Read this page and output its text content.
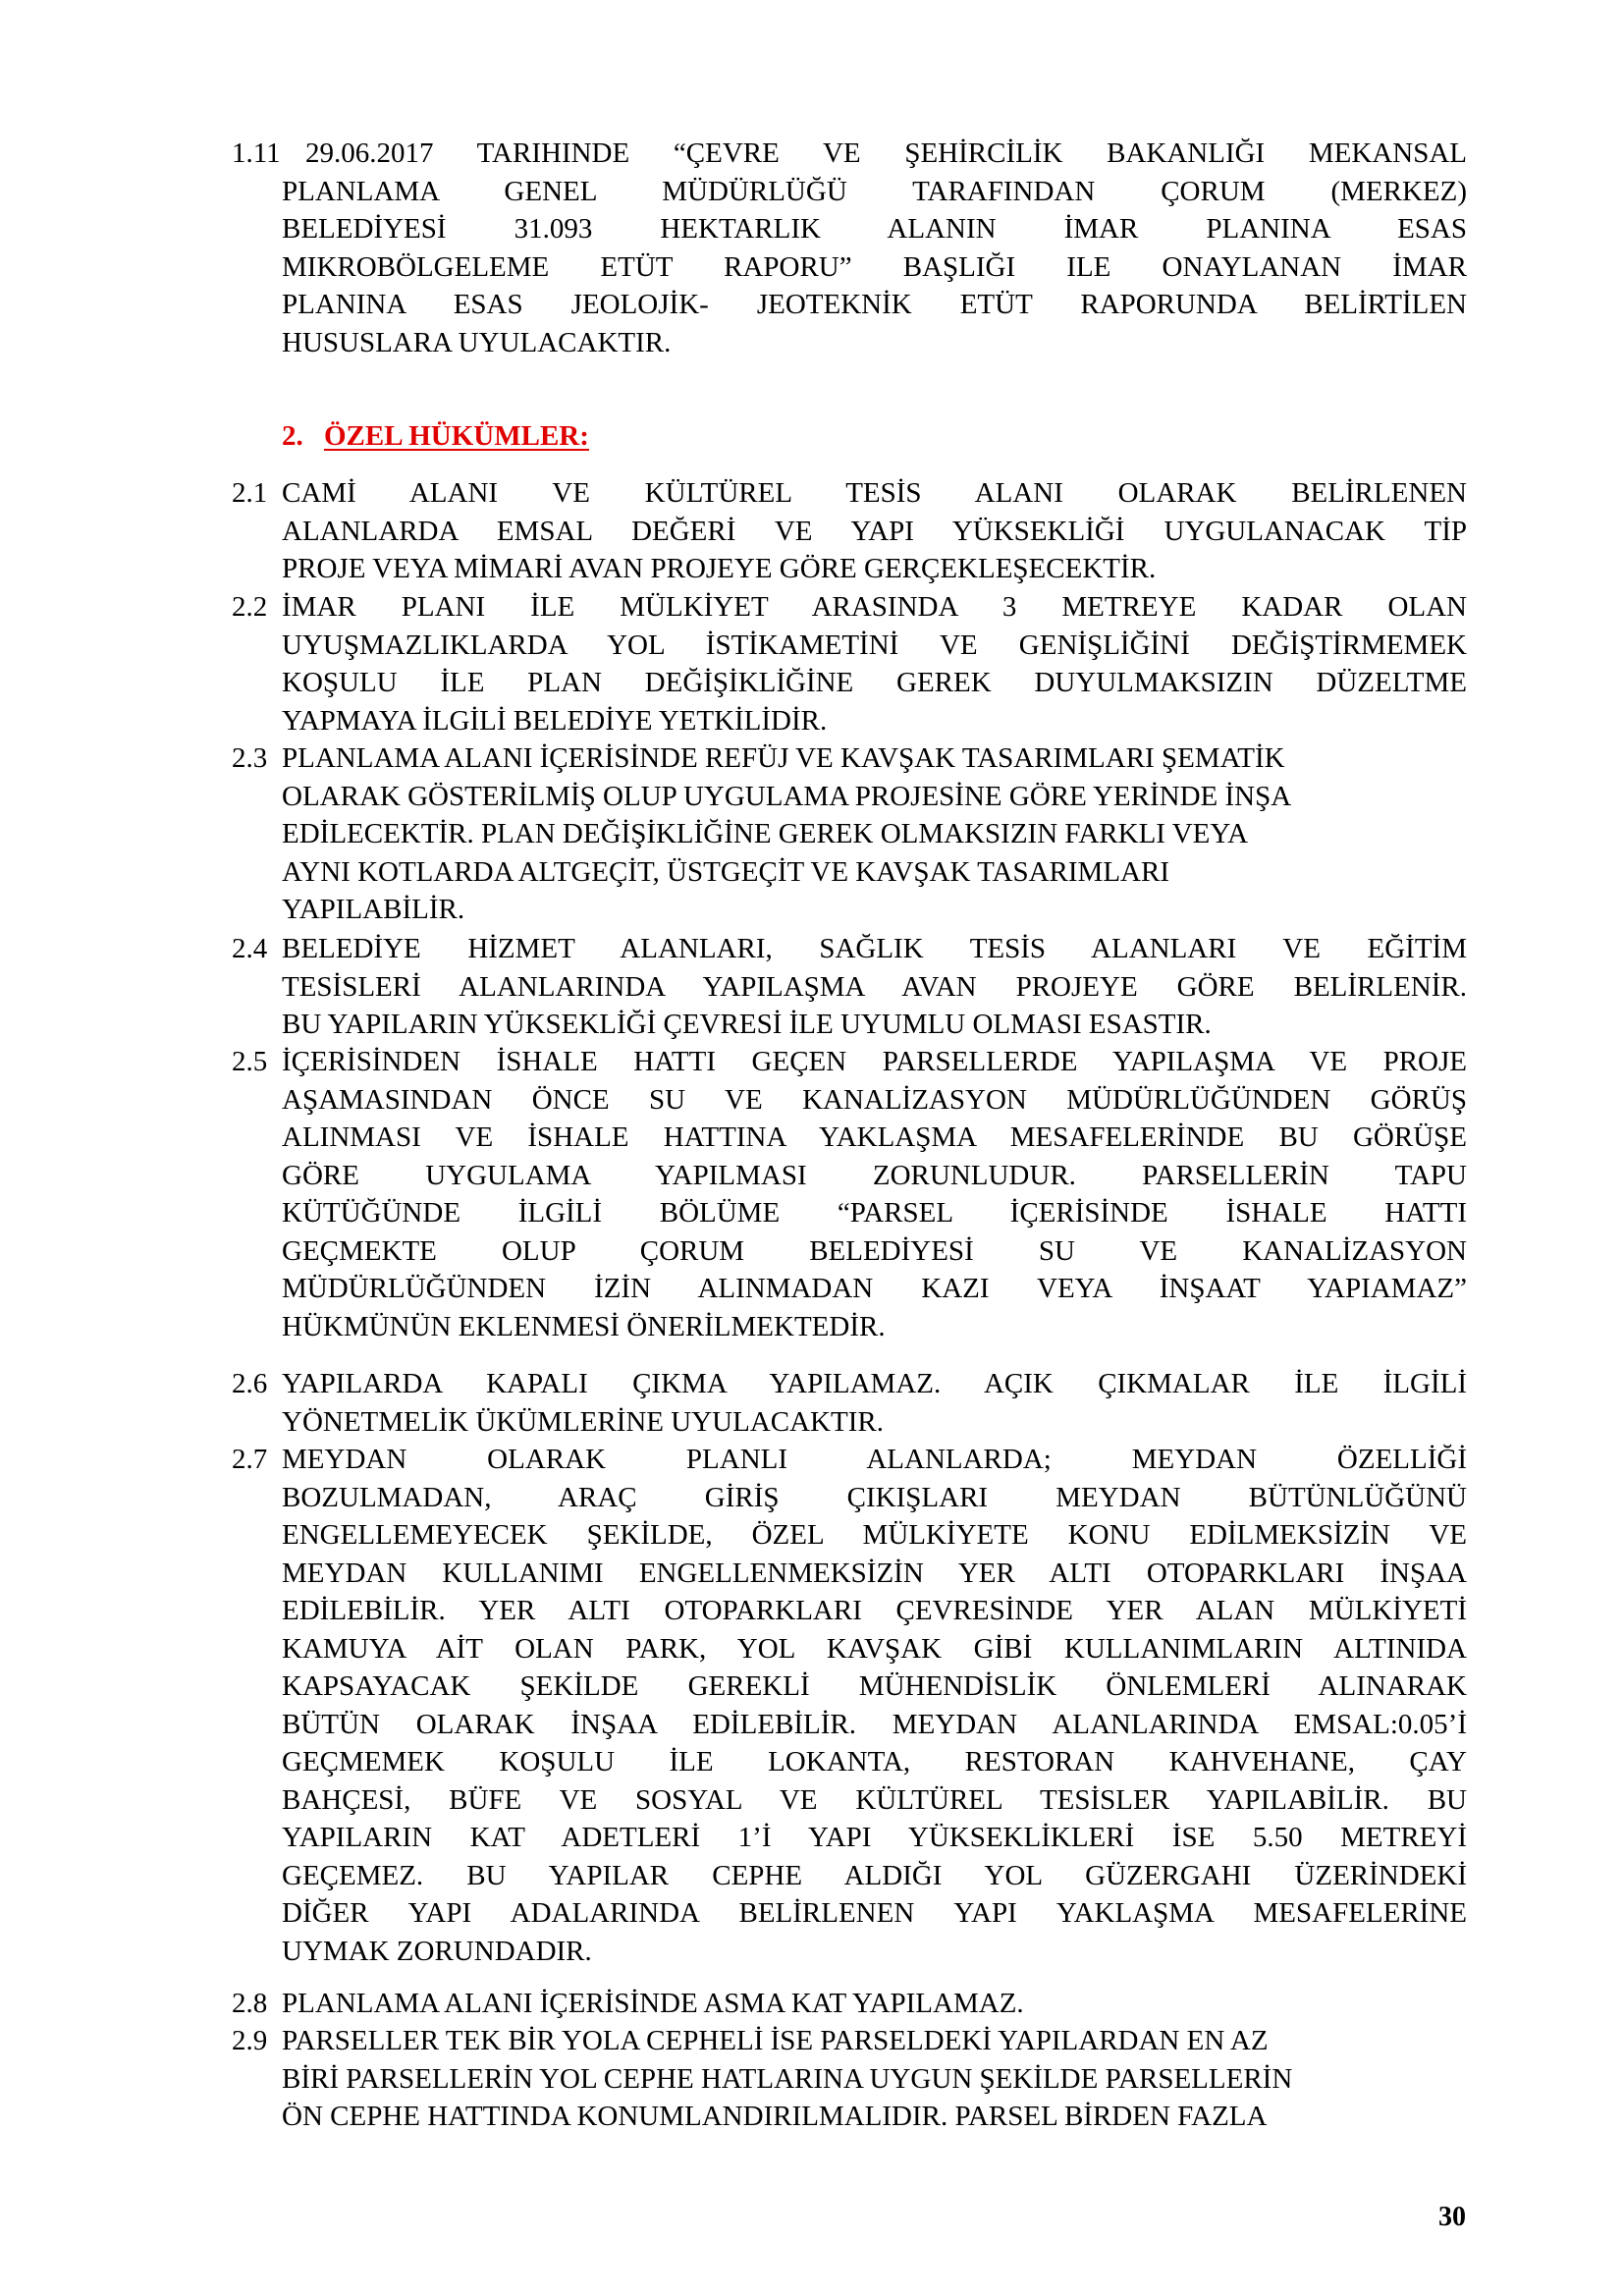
1.11 29.06.2017 TARIHINDE “ÇEVRE VE ŞEHİRCİLİK BAKANLIĞI MEKANSAL
PLANLAMA GENEL MÜDÜRLÜĞÜ TARAFINDAN ÇORUM (MERKEZ)
BELEDİYESİ 31.093 HEKTARLIK ALANIN İMAR PLANINA ESAS
MIKROBÖLGELEME ETÜT RAPORU” BAŞLIĞI ILE ONAYLANAN İMAR
PLANINA ESAS JEOLOJİK- JEOTEKNİK ETÜT RAPORUNDA BELİRTİLEN
HUSUSLARA UYULACAKTIR.
2. ÖZEL HÜKÜMLER:
2.1 CAMİ ALANI VE KÜLTÜREL TESİS ALANI OLARAK BELİRLENEN
ALANLARDA EMSAL DEĞERİ VE YAPI YÜKSEKLİĞİ UYGULANACAK TİP
PROJE VEYA MİMARİ AVAN PROJEYE GÖRE GERÇEKLEŞECEKTİR.
2.2 İMAR PLANI İLE MÜLKİYET ARASINDA 3 METREYE KADAR OLAN
UYUŞMAZLIKLARDA YOL İSTİKAMETİNİ VE GENİŞLİĞİNİ DEĞİŞTİRMEMEK
KOŞULU İLE PLAN DEĞİŞİKLİĞİNE GEREK DUYULMAKSIZIN DÜZELTME
YAPMAYA İLGİLİ BELEDİYE YETKİLİDİR.
2.3 PLANLAMA ALANI İÇERİSİNDE REFÜJ VE KAVŞAK TASARIMLARI ŞEMATİK
OLARAK GÖSTERİLMİŞ OLUP UYGULAMA PROJESİNE GÖRE YERİNDE İNŞA
EDİLECEKTİR. PLAN DEĞİŞİKLİĞİNE GEREK OLMAKSIZIN FARKLI VEYA
AYNI KOTLARDA ALTGEÇİT, ÜSTGEÇİT VE KAVŞAK TASARIMLARI
YAPILABİLİR.
2.4 BELEDİYE HİZMET ALANLARI, SAĞLIK TESİS ALANLARI VE EĞİTİM
TESİSLERİ ALANLARINDA YAPILAŞMA AVAN PROJEYE GÖRE BELİRLENİR.
BU YAPILARIN YÜKSEKLİĞİ ÇEVRESİ İLE UYUMLU OLMASI ESASTIR.
2.5 İÇERİSİNDEN İSHALE HATTI GEÇEN PARSELLERDE YAPILAŞMA VE PROJE
AŞAMASINDAN ÖNCE SU VE KANALİZASYON MÜDÜRLÜĞÜNDEN GÖRÜŞ
ALINMASI VE İSHALE HATTINA YAKLAŞMA MESAFELERİNDE BU GÖRÜŞE
GÖRE UYGULAMA YAPILMASI ZORUNLUDUR. PARSELLERİN TAPU
KÜTÜĞÜNDE İLGİLİ BÖLÜME “PARSEL İÇERİSİNDE İSHALE HATTI
GEÇMEKTE OLUP ÇORUM BELEDİYESİ SU VE KANALİZASYON
MÜDÜRLÜĞÜNDEN İZİN ALINMADAN KAZI VEYA İNŞAAT YAPIAMAZ”
HÜKMÜNÜN EKLENMESİ ÖNERİLMEKTEDİR.
2.6 YAPILARDA KAPALI ÇIKMA YAPILAMAZ. AÇIK ÇIKMALAR İLE İLGİLİ
YÖNETMELİK ÜKÜMLERİNE UYULACAKTIR.
2.7 MEYDAN OLARAK PLANLI ALANLARDA; MEYDAN ÖZELLİĞİ
BOZULMADAN, ARAÇ GİRİŞ ÇIKIŞLARI MEYDAN BÜTÜNLÜĞÜNÜ
ENGELLEMEYECEK ŞEKİLDE, ÖZEL MÜLKİYETE KONU EDİLMEKSİZİN VE
MEYDAN KULLANIMI ENGELLENMEKSİZİN YER ALTI OTOPARKLARI İNŞAA
EDİLEBİLİR. YER ALTI OTOPARKLARI ÇEVRESİNDE YER ALAN MÜLKİYETİ
KAMUYA AİT OLAN PARK, YOL KAVŞAK GİBİ KULLANIMLARIN ALTINIDA
KAPSAYACAK ŞEKİLDE GEREKLİ MÜHENDİSLİK ÖNLEMLERİ ALINARAK
BÜTÜN OLARAK İNŞAA EDİLEBİLİR. MEYDAN ALANLARINDA EMSAL:0.05’İ
GEÇMEMEK KOŞULU İLE LOKANTA, RESTORAN KAHVEHANE, ÇAY
BAHÇESİ, BÜFE VE SOSYAL VE KÜLTÜREL TESİSLER YAPILABİLİR. BU
YAPILARIN KAT ADETLERİ 1’İ YAPI YÜKSEKLİKLERİ İSE 5.50 METREYİ
GEÇEMEZ. BU YAPILAR CEPHE ALDIĞI YOL GÜZERGAHI ÜZERİNDEKİ
DİĞER YAPI ADALARINDA BELİRLENEN YAPI YAKLAŞMA MESAFELERİNE
UYMAK ZORUNDADIR.
2.8 PLANLAMA ALANI İÇERİSİNDE ASMA KAT YAPILAMAZ.
2.9 PARSELLER TEK BİR YOLA CEPHELİ İSE PARSELDEKİ YAPILARDAN EN AZ
BİRİ PARSELLERİN YOL CEPHE HATLARINA UYGUN ŞEKİLDE PARSELLERİN
ÖN CEPHE HATTINDA KONUMLANDIRILMALIDIR. PARSEL BİRDEN FAZLA
30
